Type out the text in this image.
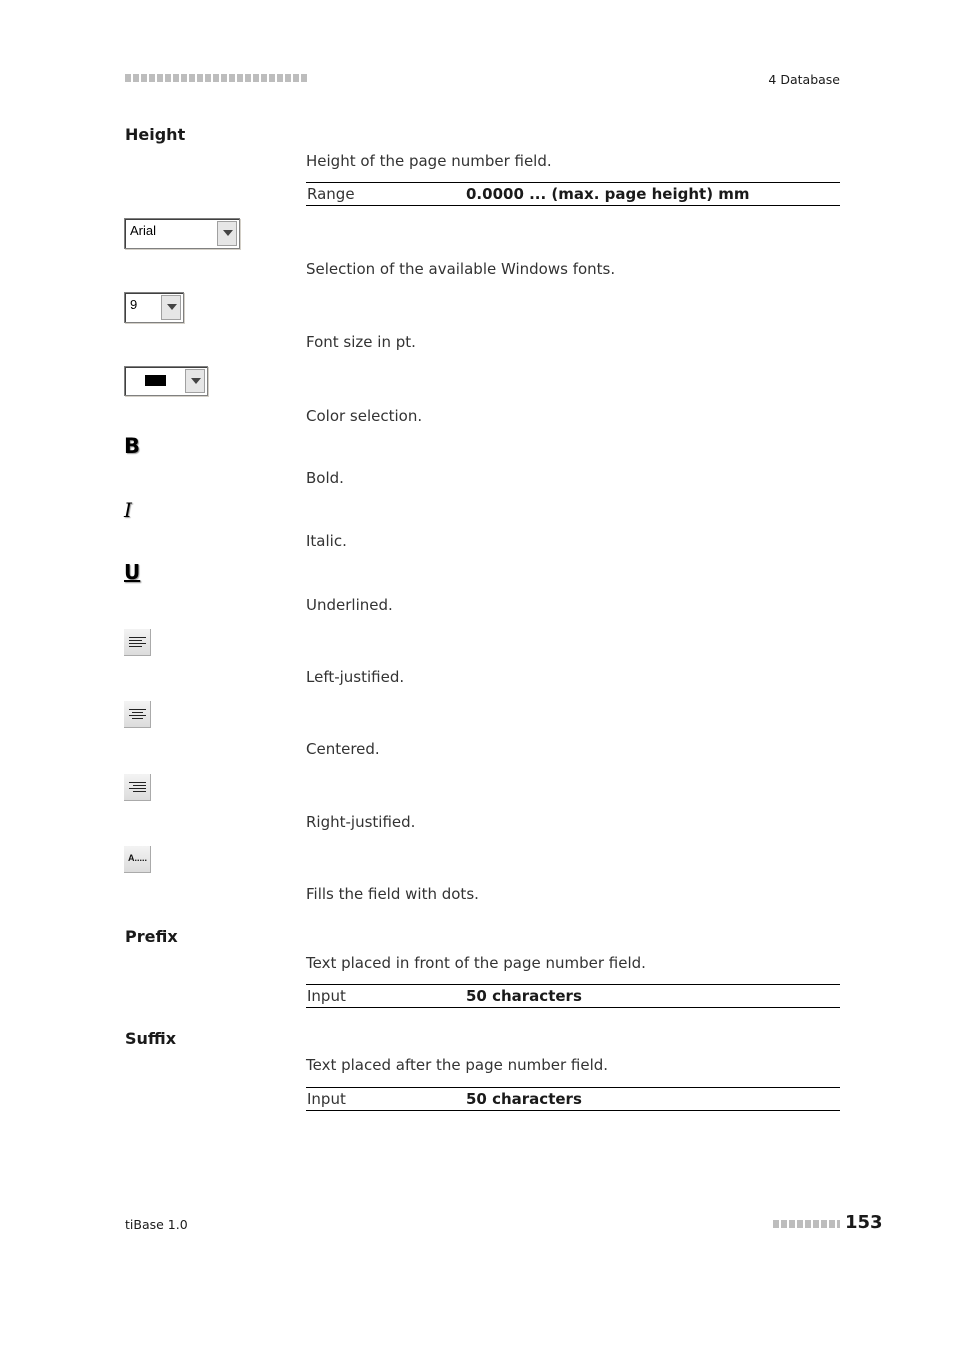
4 Database
Height
Height of the page number field.
Range	0.0000 ... (max. page height) mm
Arial
Selection of the available Windows fonts.
9
Font size in pt.
Color selection.
B
Bold.
I
Italic.
U
Underlined.
Left-justified.
Centered.
Right-justified.
A.....
Fills the field with dots.
Prefix
Text placed in front of the page number field.
Input	50 characters
Suffix
Text placed after the page number field.
Input	50 characters
tiBase 1.0	153
